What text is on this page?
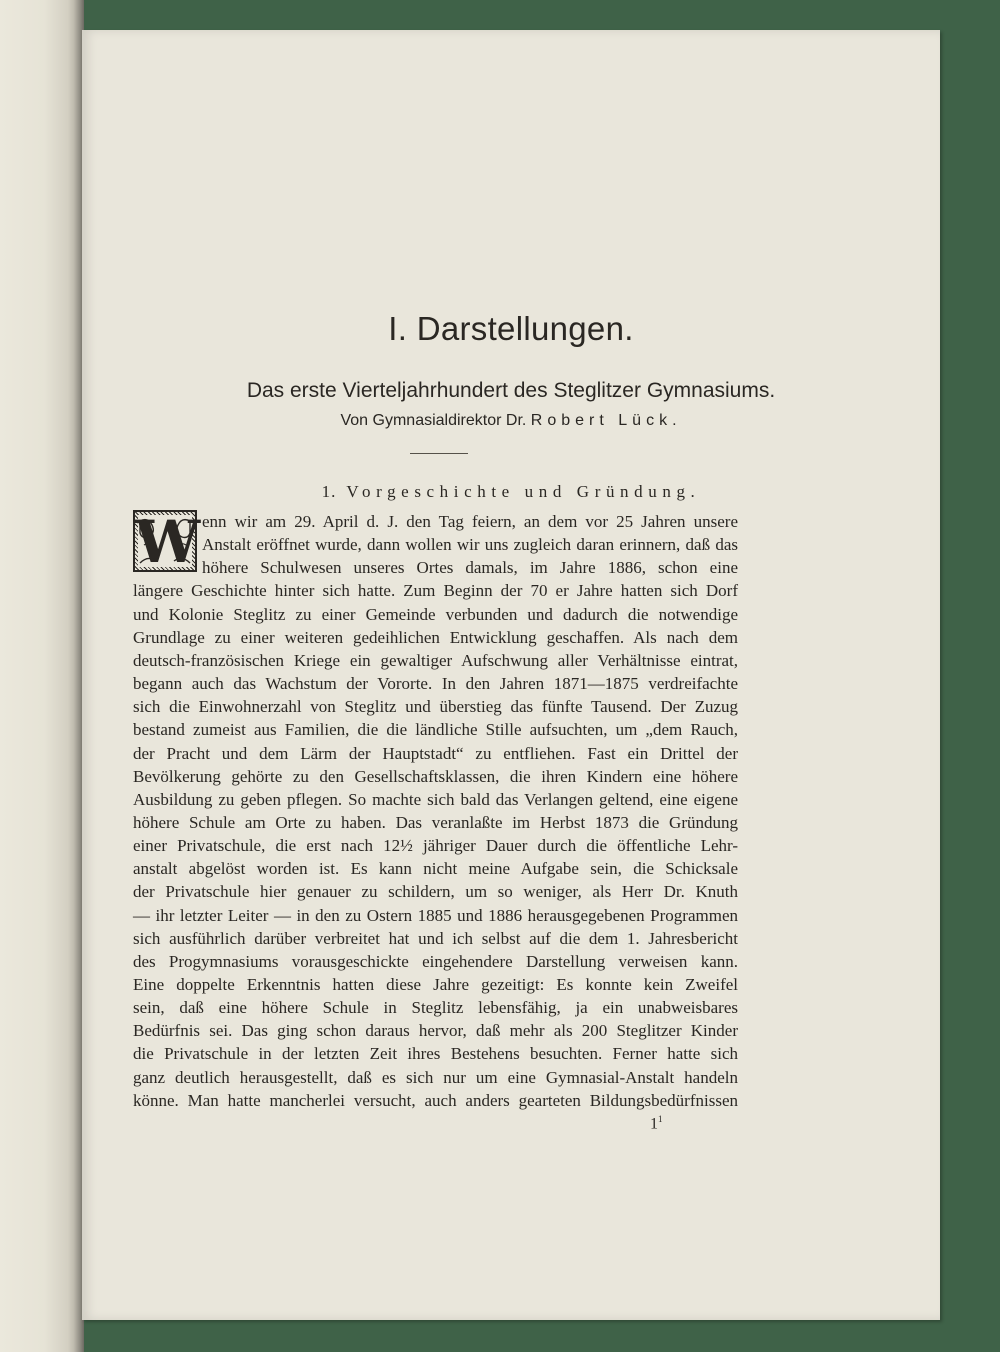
I. Darstellungen.
Das erste Vierteljahrhundert des Steglitzer Gymnasiums.
Von Gymnasialdirektor Dr. Robert Lück.
1. Vorgeschichte und Gründung.
W enn wir am 29. April d. J. den Tag feiern, an dem vor 25 Jahren unsere
Anstalt eröffnet wurde, dann wollen wir uns zugleich daran erinnern, daß das
höhere Schulwesen unseres Ortes damals, im Jahre 1886, schon eine
längere Geschichte hinter sich hatte. Zum Beginn der 70 er Jahre hatten sich Dorf
und Kolonie Steglitz zu einer Gemeinde verbunden und dadurch die notwendige
Grundlage zu einer weiteren gedeihlichen Entwicklung geschaffen. Als nach dem
deutsch-französischen Kriege ein gewaltiger Aufschwung aller Verhältnisse eintrat,
begann auch das Wachstum der Vororte. In den Jahren 1871—1875 verdreifachte
sich die Einwohnerzahl von Steglitz und überstieg das fünfte Tausend. Der Zuzug
bestand zumeist aus Familien, die die ländliche Stille aufsuchten, um „dem Rauch,
der Pracht und dem Lärm der Hauptstadt“ zu entfliehen. Fast ein Drittel der
Bevölkerung gehörte zu den Gesellschaftsklassen, die ihren Kindern eine höhere
Ausbildung zu geben pflegen. So machte sich bald das Verlangen geltend, eine eigene
höhere Schule am Orte zu haben. Das veranlaßte im Herbst 1873 die Gründung
einer Privatschule, die erst nach 12½ jähriger Dauer durch die öffentliche Lehr-
anstalt abgelöst worden ist. Es kann nicht meine Aufgabe sein, die Schicksale
der Privatschule hier genauer zu schildern, um so weniger, als Herr Dr. Knuth
— ihr letzter Leiter — in den zu Ostern 1885 und 1886 herausgegebenen Programmen
sich ausführlich darüber verbreitet hat und ich selbst auf die dem 1. Jahresbericht
des Progymnasiums vorausgeschickte eingehendere Darstellung verweisen kann.
Eine doppelte Erkenntnis hatten diese Jahre gezeitigt: Es konnte kein Zweifel
sein, daß eine höhere Schule in Steglitz lebensfähig, ja ein unabweisbares
Bedürfnis sei. Das ging schon daraus hervor, daß mehr als 200 Steglitzer Kinder
die Privatschule in der letzten Zeit ihres Bestehens besuchten. Ferner hatte sich
ganz deutlich herausgestellt, daß es sich nur um eine Gymnasial-Anstalt handeln
könne. Man hatte mancherlei versucht, auch anders gearteten Bildungsbedürfnissen
$1^1$
